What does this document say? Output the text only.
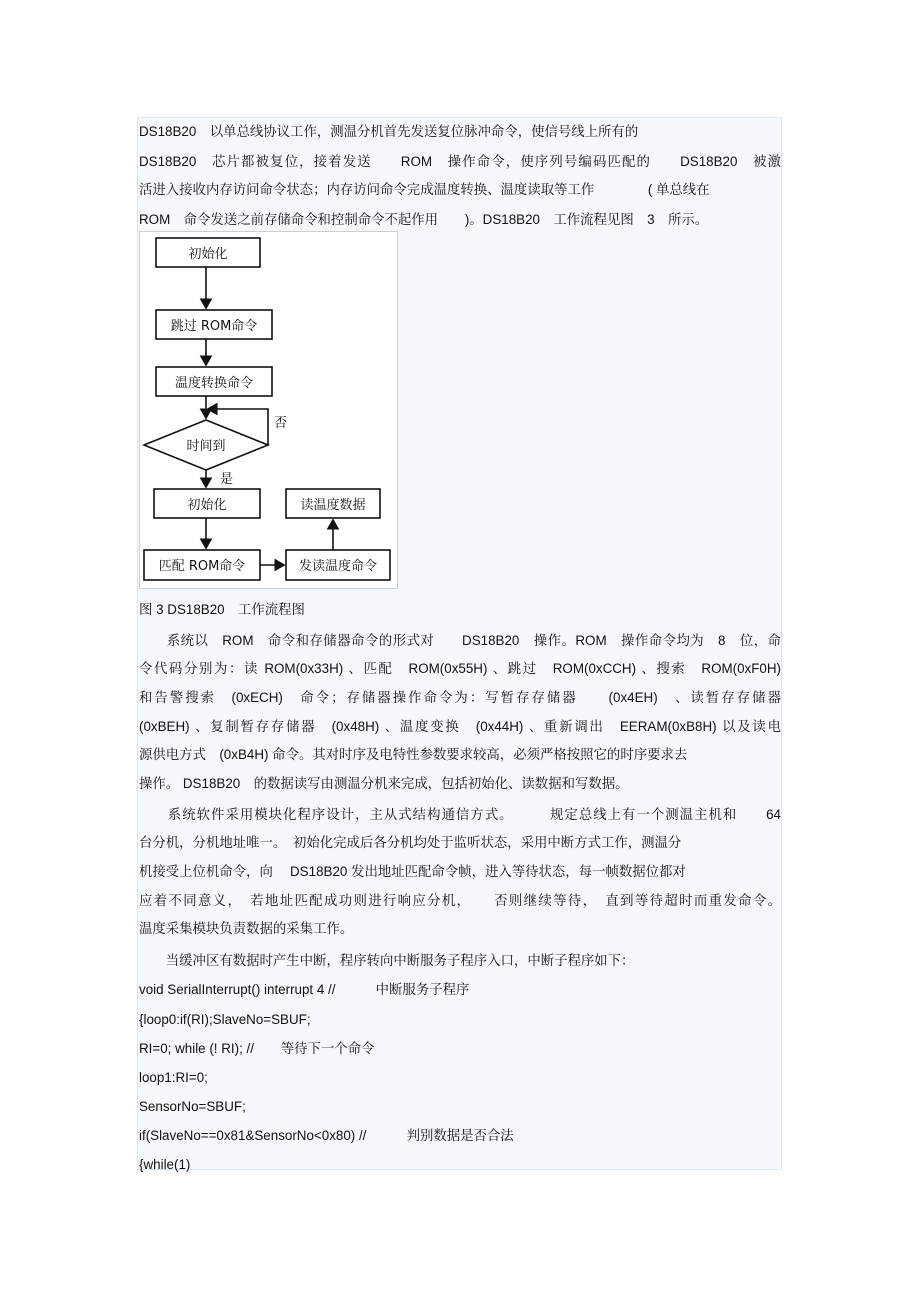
DS18B20　以单总线协议工作，测温分机首先发送复位脉冲命令，使信号线上所有的
DS18B20　芯片都被复位，接着发送　　ROM　操作命令，使序列号编码匹配的　　DS18B20　被激
活进入接收内存访问命令状态；内存访问命令完成温度转换、温度读取等工作　　　　( 单总线在
ROM　命令发送之前存储命令和控制命令不起作用　　)。DS18B20　工作流程见图　3　所示。
初始化
跳过 ROM命令
温度转换命令
否
时间到
是
初始化
匹配 ROM命令	发读温度命令
读温度数据
图 3 DS18B20　工作流程图
　　系统以　ROM　命令和存储器命令的形式对　　DS18B20　操作。ROM　操作命令均为　8　位，命
令代码分别为：读 ROM(0x33H) 、匹配　ROM(0x55H) 、跳过　ROM(0xCCH) 、搜索　ROM(0xF0H)
和告警搜索　(0xECH)　命令；存储器操作命令为：写暂存存储器　　(0x4EH)　、读暂存存储器
(0xBEH) 、复制暂存存储器　(0x48H) 、温度变换　(0x44H) 、重新调出　EERAM(0xB8H) 以及读电
源供电方式　(0xB4H) 命令。其对时序及电特性参数要求较高，必须严格按照它的时序要求去
操作。 DS18B20　的数据读写由测温分机来完成，包括初始化、读数据和写数据。
　　系统软件采用模块化程序设计，主从式结构通信方式。　　　规定总线上有一个测温主机和　　64
台分机，分机地址唯一。　初始化完成后各分机均处于监听状态，采用中断方式工作，测温分
机接受上位机命令，向　 DS18B20 发出地址匹配命令帧，进入等待状态，每一帧数据位都对
应着不同意义，　若地址匹配成功则进行响应分机，　　否则继续等待，　直到等待超时而重发命令。
温度采集模块负责数据的采集工作。
　　当缓冲区有数据时产生中断，程序转向中断服务子程序入口，中断子程序如下：
void SerialInterrupt() interrupt 4 //　　　中断服务子程序
{loop0:if(RI);SlaveNo=SBUF;
RI=0; while (! RI); //　　等待下一个命令
loop1:RI=0;
SensorNo=SBUF;
if(SlaveNo==0x81&SensorNo<0x80) //　　　判别数据是否合法
{while(1)
